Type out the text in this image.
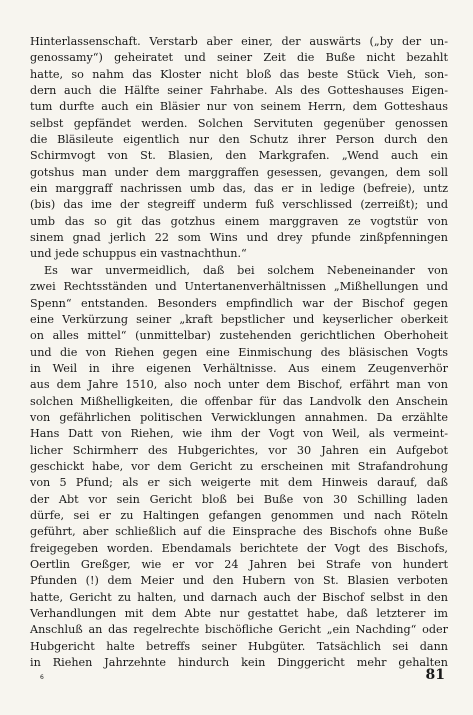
Hinterlassenschaft. Verstarb aber einer, der auswärts („by der un-
genossamy“) geheiratet und seiner Zeit die Buße nicht bezahlt
hatte, so nahm das Kloster nicht bloß das beste Stück Vieh, son-
dern auch die Hälfte seiner Fahrhabe. Als des Gotteshauses Eigen-
tum durfte auch ein Bläsier nur von seinem Herrn, dem Gotteshaus
selbst gepfändet werden. Solchen Servituten gegenüber genossen
die Bläsileute eigentlich nur den Schutz ihrer Person durch den
Schirmvogt von St. Blasien, den Markgrafen. „Wend auch ein
gotshus man under dem marggraffen gesessen, gevangen, dem soll
ein marggraff nachrissen umb das, das er in ledige (befreie), untz
(bis) das ime der stegreiff underm fuß verschlissed (zerreißt); und
umb das so git das gotzhus einem marggraven ze vogtstür von
sinem gnad jerlich 22 som Wins und drey pfunde zinßpfenningen
und jede schuppus ein vastnachthun.“
Es war unvermeidlich, daß bei solchem Nebeneinander von
zwei Rechtsständen und Untertanenverhältnissen „Mißhellungen und
Spenn“ entstanden. Besonders empfindlich war der Bischof gegen
eine Verkürzung seiner „kraft bepstlicher und keyserlicher oberkeit
on alles mittel“ (unmittelbar) zustehenden gerichtlichen Oberhoheit
und die von Riehen gegen eine Einmischung des bläsischen Vogts
in Weil in ihre eigenen Verhältnisse. Aus einem Zeugenverhör
aus dem Jahre 1510, also noch unter dem Bischof, erfährt man von
solchen Mißhelligkeiten, die offenbar für das Landvolk den Anschein
von gefährlichen politischen Verwicklungen annahmen. Da erzählte
Hans Datt von Riehen, wie ihm der Vogt von Weil, als vermeint-
licher Schirmherr des Hubgerichtes, vor 30 Jahren ein Aufgebot
geschickt habe, vor dem Gericht zu erscheinen mit Strafandrohung
von 5 Pfund; als er sich weigerte mit dem Hinweis darauf, daß
der Abt vor sein Gericht bloß bei Buße von 30 Schilling laden
dürfe, sei er zu Haltingen gefangen genommen und nach Röteln
geführt, aber schließlich auf die Einsprache des Bischofs ohne Buße
freigegeben worden. Ebendamals berichtete der Vogt des Bischofs,
Oertlin Greßger, wie er vor 24 Jahren bei Strafe von hundert
Pfunden (!) dem Meier und den Hubern von St. Blasien verboten
hatte, Gericht zu halten, und darnach auch der Bischof selbst in den
Verhandlungen mit dem Abte nur gestattet habe, daß letzterer im
Anschluß an das regelrechte bischöfliche Gericht „ein Nachding“ oder
Hubgericht halte betreffs seiner Hubgüter. Tatsächlich sei dann
in Riehen Jahrzehnte hindurch kein Dinggericht mehr gehalten
6	81
